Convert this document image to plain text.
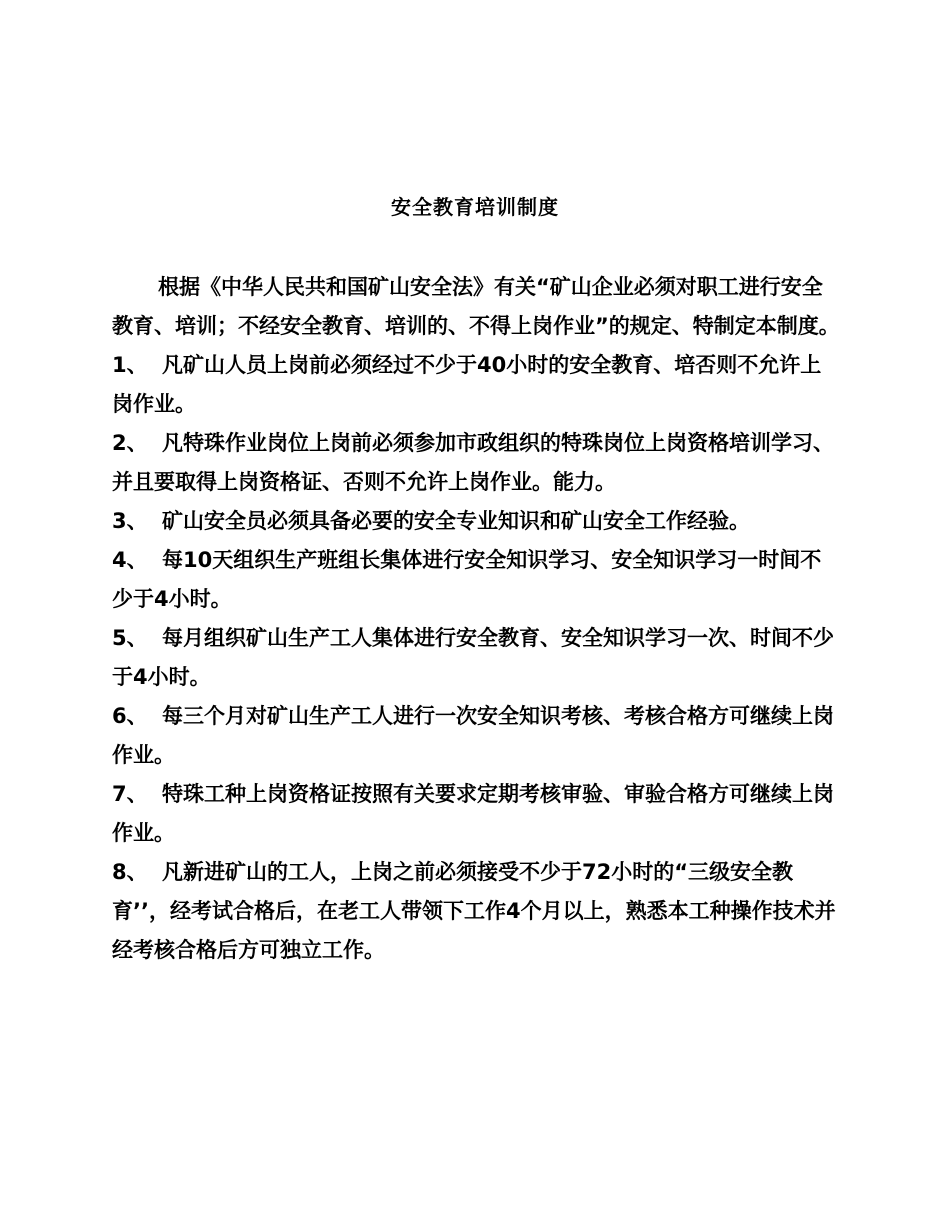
安全教育培训制度

根据《中华人民共和国矿山安全法》有关“矿山企业必须对职工进行安全教育、培训；不经安全教育、培训的、不得上岗作业”的规定、特制定本制度。

1、 凡矿山人员上岗前必须经过不少于40小时的安全教育、培否则不允许上岗作业。

2、 凡特珠作业岗位上岗前必须参加市政组织的特珠岗位上岗资格培训学习、并且要取得上岗资格证、否则不允许上岗作业。能力。

3、 矿山安全员必须具备必要的安全专业知识和矿山安全工作经验。

4、 每10天组织生产班组长集体进行安全知识学习、安全知识学习一时间不少于4小时。

5、 每月组织矿山生产工人集体进行安全教育、安全知识学习一次、时间不少于4小时。

6、 每三个月对矿山生产工人进行一次安全知识考核、考核合格方可继续上岗作业。

7、 特珠工种上岗资格证按照有关要求定期考核审验、审验合格方可继续上岗作业。

8、 凡新进矿山的工人，上岗之前必须接受不少于72小时的“三级安全教育’’，经考试合格后，在老工人带领下工作4个月以上，熟悉本工种操作技术并经考核合格后方可独立工作。
